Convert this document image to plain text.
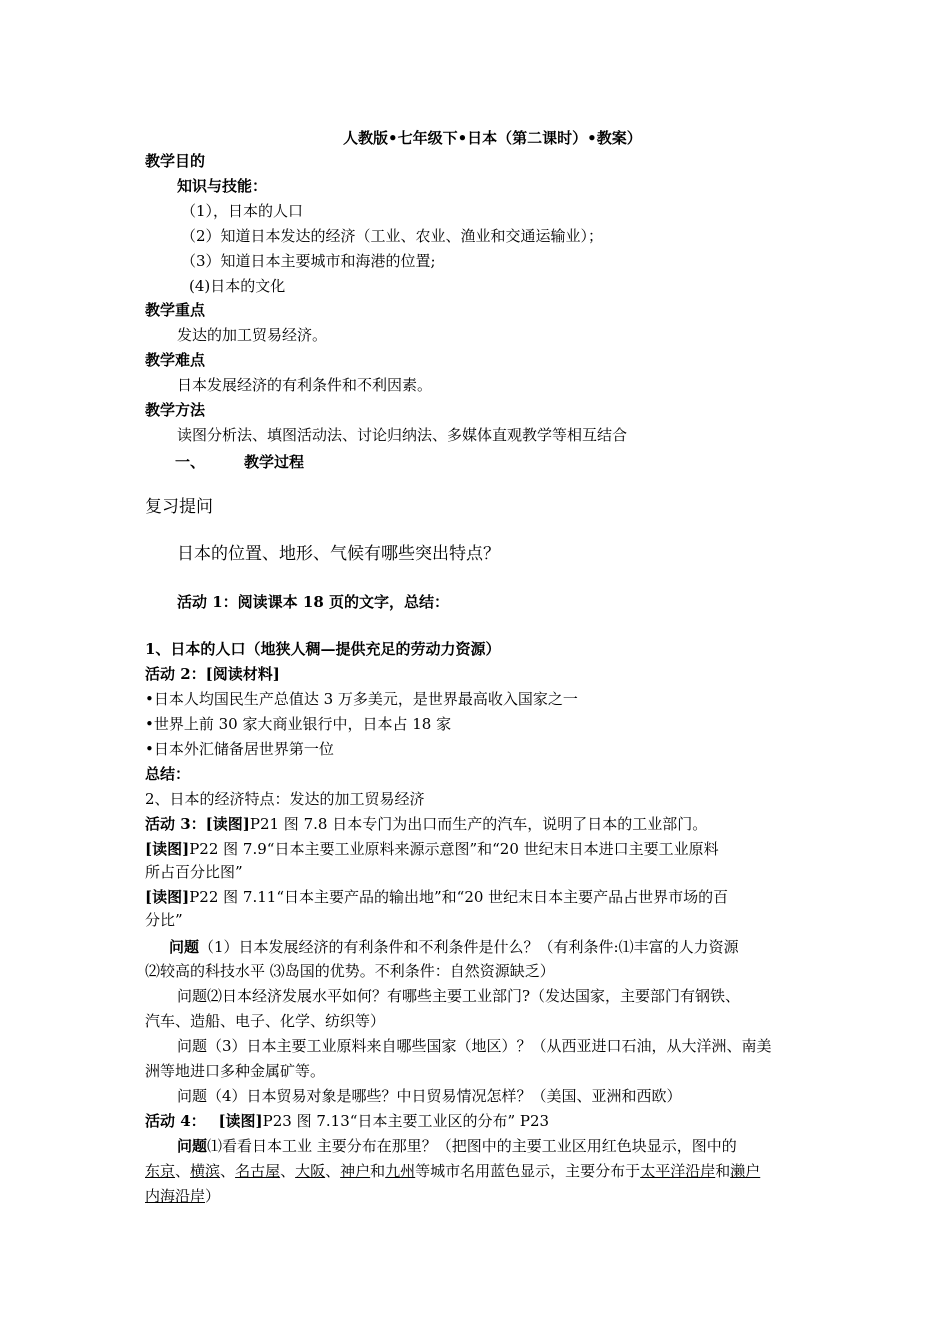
人教版•七年级下•日本（第二课时）•教案）
教学目的
知识与技能：
（1），日本的人口
（2）知道日本发达的经济（工业、农业、渔业和交通运输业）；
（3）知道日本主要城市和海港的位置;
(4)日本的文化
教学重点
发达的加工贸易经济。
教学难点
日本发展经济的有利条件和不利因素。
教学方法
读图分析法、填图活动法、讨论归纳法、多媒体直观教学等相互结合
一、	教学过程
复习提问
日本的位置、地形、气候有哪些突出特点？
活动 1：阅读课本 18 页的文字，总结：
1、日本的人口（地狭人稠—提供充足的劳动力资源）
活动 2：[阅读材料]
•日本人均国民生产总值达 3 万多美元，是世界最高收入国家之一
•世界上前 30 家大商业银行中，日本占 18 家
•日本外汇储备居世界第一位
总结：
2、日本的经济特点：发达的加工贸易经济
活动 3：[读图]P21 图 7.8 日本专门为出口而生产的汽车，说明了日本的工业部门。
[读图]P22 图 7.9“日本主要工业原料来源示意图”和“20 世纪末日本进口主要工业原料
所占百分比图”
[读图]P22 图 7.11“日本主要产品的输出地”和“20 世纪末日本主要产品占世界市场的百
分比”
问题（1）日本发展经济的有利条件和不利条件是什么？（有利条件:⑴丰富的人力资源
⑵较高的科技水平 ⑶岛国的优势。不利条件：自然资源缺乏）
问题⑵日本经济发展水平如何？有哪些主要工业部门?（发达国家，主要部门有钢铁、
汽车、造船、电子、化学、纺织等）
问题（3）日本主要工业原料来自哪些国家（地区）？（从西亚进口石油，从大洋洲、南美
洲等地进口多种金属矿等。
问题（4）日本贸易对象是哪些？中日贸易情况怎样？（美国、亚洲和西欧）
活动 4： [读图]P23 图 7.13“日本主要工业区的分布” P23
问题⑴看看日本工业 主要分布在那里？（把图中的主要工业区用红色块显示，图中的
东京、横滨、名古屋、大阪、神户和九州等城市名用蓝色显示，主要分布于太平洋沿岸和濑户
内海沿岸）
